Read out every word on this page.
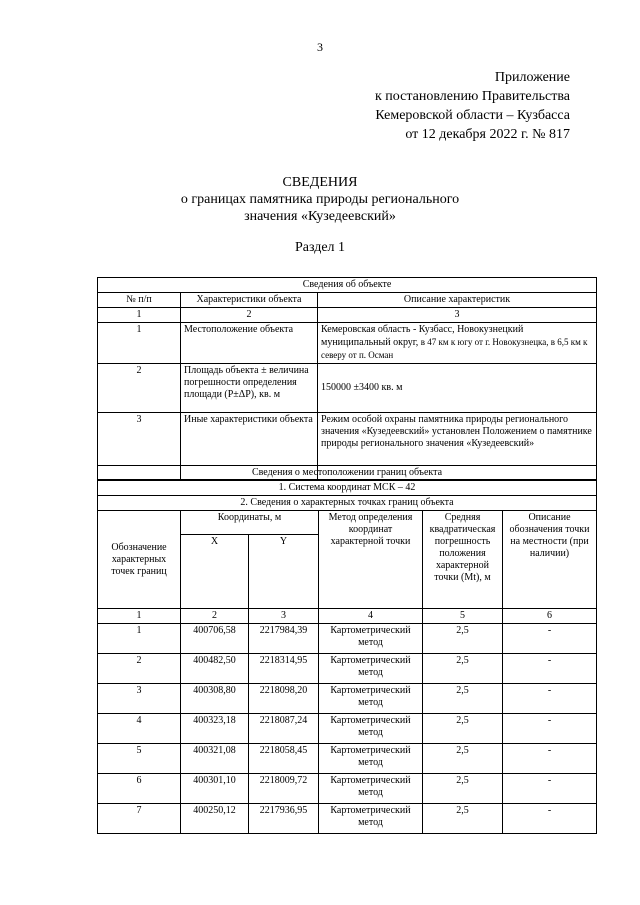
3
Приложение
к постановлению Правительства
Кемеровской области – Кузбасса
от 12 декабря 2022 г. № 817
СВЕДЕНИЯ
о границах памятника природы регионального
значения «Кузедеевский»
Раздел 1
Сведения об объекте		
№ п/п	Характеристики объекта	Описание характеристик
1	2	3
1	Местоположение объекта	Кемеровская область - Кузбасс, Новокузнецкий муниципальный округ, в 47 км к югу от г. Новокузнецка, в 6,5 км к северу от п. Осман
2	Площадь объекта ± величина погрешности определения площади (P±ΔP), кв. м	150000 ±3400 кв. м
3	Иные характеристики объекта	Режим особой охраны памятника природы регионального значения «Кузедеевский» установлен Положением о памятнике природы регионального значения «Кузедеевский»
Сведения о местоположении границ объекта					
1. Система координат МСК – 42					
2. Сведения о характерных точках границ объекта					
Обозначение характерных точек границ	Координаты, м		Метод определения координат характерной точки	Средняя квадратическая погрешность положения характерной точки (Mt), м	Описание обозначения точки на местности (при наличии)
	X	Y			
1	2	3	4	5	6
1	400706,58	2217984,39	Картометрический метод	2,5	-
2	400482,50	2218314,95	Картометрический метод	2,5	-
3	400308,80	2218098,20	Картометрический метод	2,5	-
4	400323,18	2218087,24	Картометрический метод	2,5	-
5	400321,08	2218058,45	Картометрический метод	2,5	-
6	400301,10	2218009,72	Картометрический метод	2,5	-
7	400250,12	2217936,95	Картометрический метод	2,5	-
